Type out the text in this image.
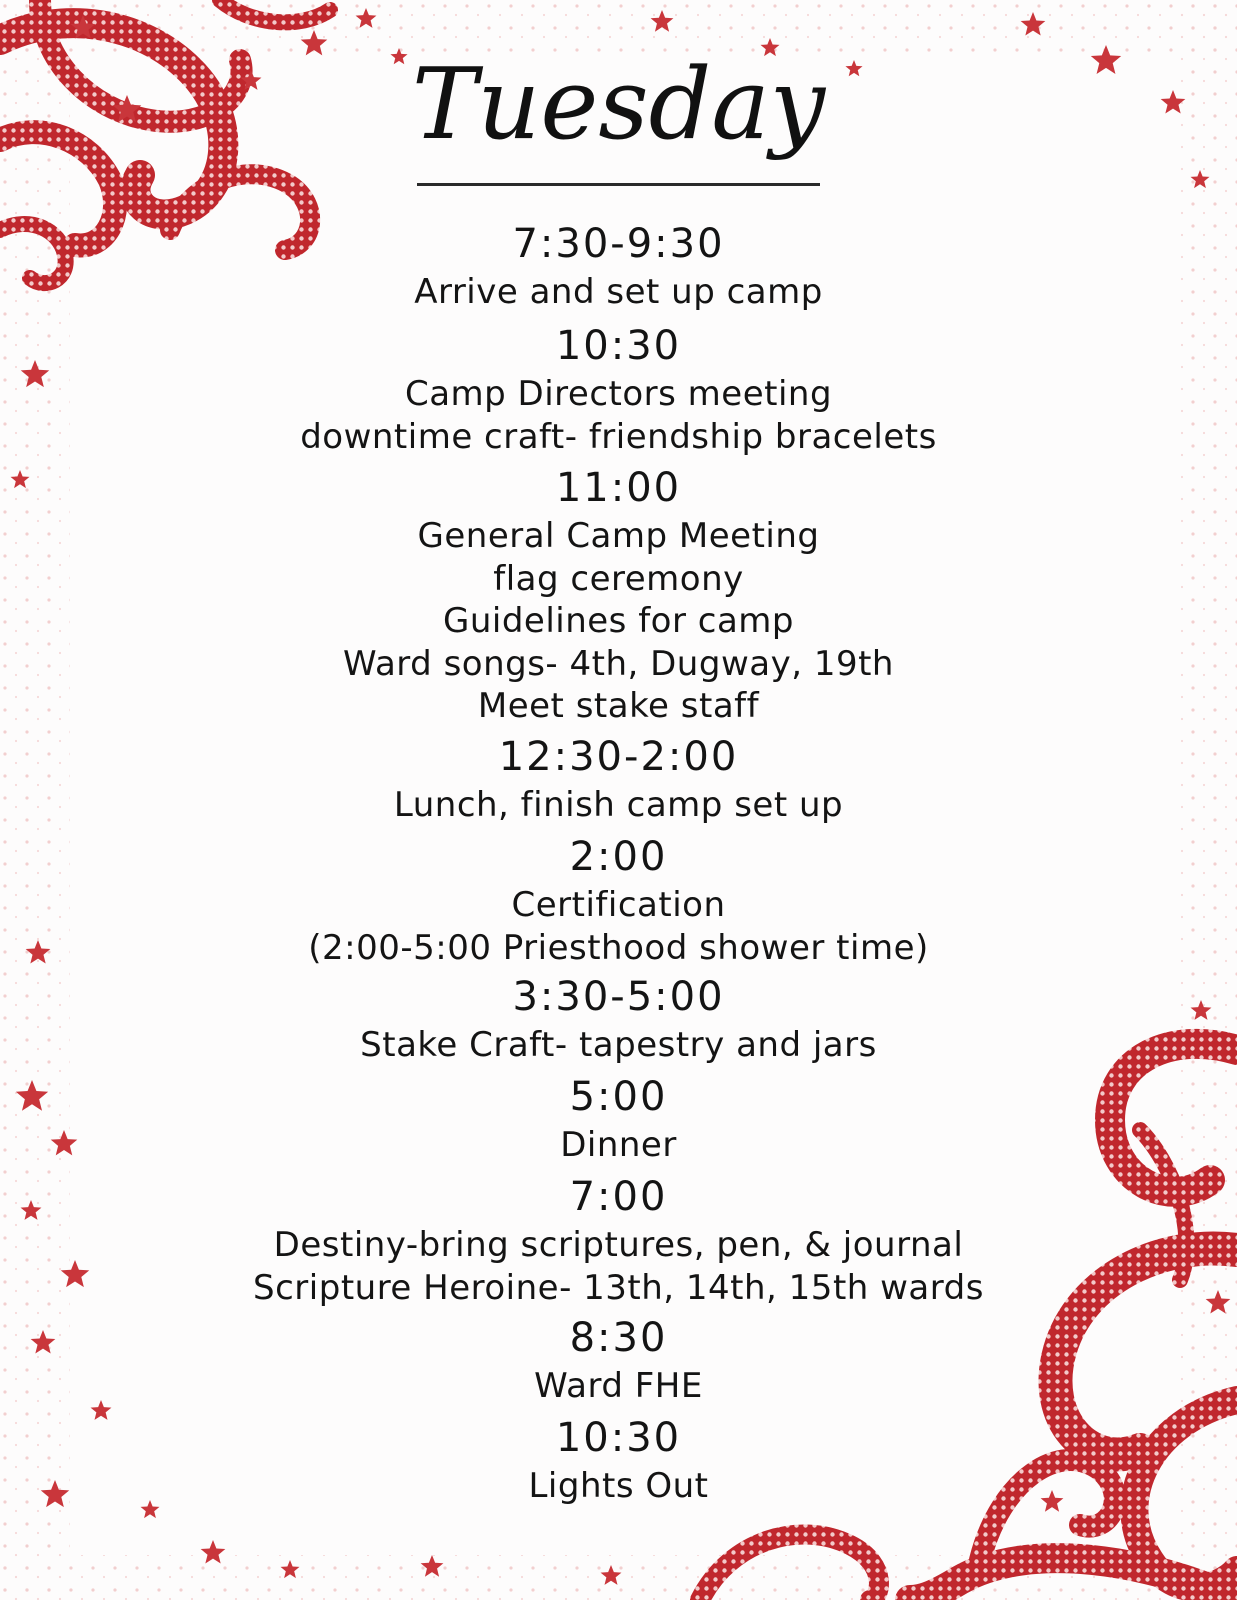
Tuesday
7:30-9:30
Arrive and set up camp
10:30
Camp Directors meeting
downtime craft- friendship bracelets
11:00
General Camp Meeting
flag ceremony
Guidelines for camp
Ward songs- 4th, Dugway, 19th
Meet stake staff
12:30-2:00
Lunch, finish camp set up
2:00
Certification
(2:00-5:00 Priesthood shower time)
3:30-5:00
Stake Craft- tapestry and jars
5:00
Dinner
7:00
Destiny-bring scriptures, pen, & journal
Scripture Heroine- 13th, 14th, 15th wards
8:30
Ward FHE
10:30
Lights Out
